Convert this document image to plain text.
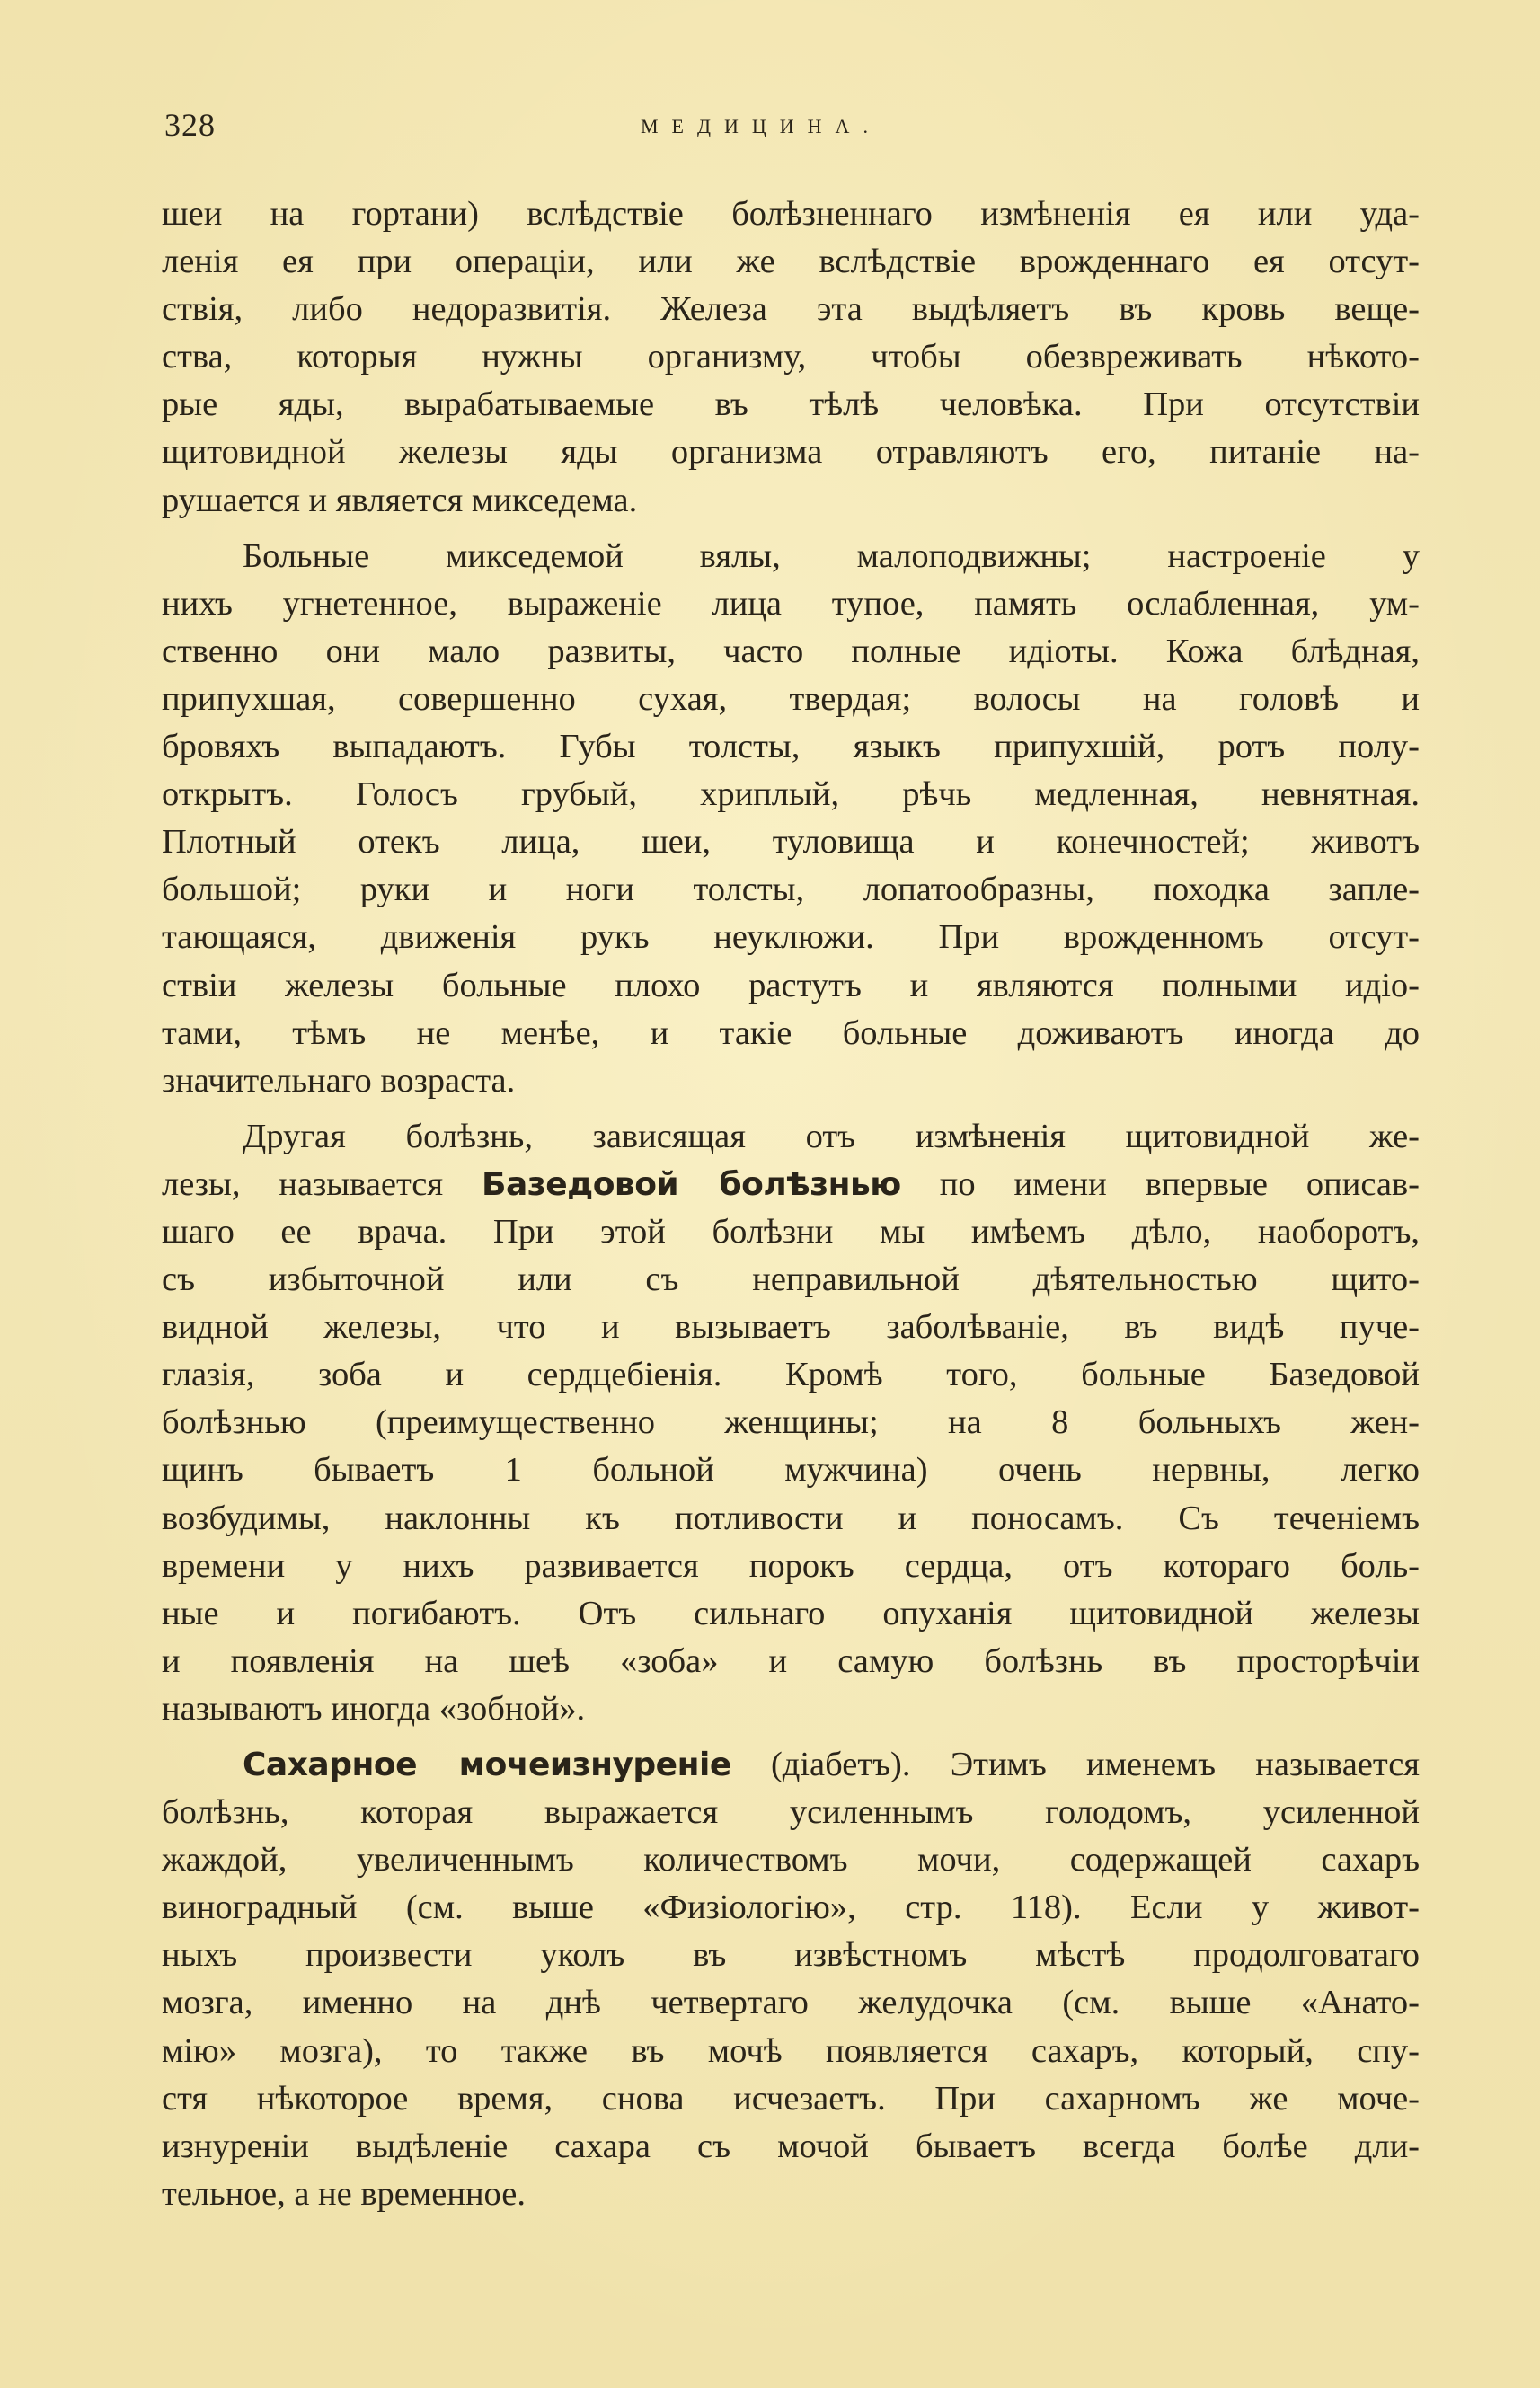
328	МЕДИЦИНА.
шеи на гортани) вслѣдствіе болѣзненнаго измѣненія ея или уда-
ленія ея при операціи, или же вслѣдствіе врожденнаго ея отсут-
ствія, либо недоразвитія. Железа эта выдѣляетъ въ кровь веще-
ства, которыя нужны организму, чтобы обезвреживать нѣкото-
рые яды, вырабатываемые въ тѣлѣ человѣка. При отсутствіи
щитовидной железы яды организма отравляютъ его, питаніе на-
рушается и является микседема.
Больные микседемой вялы, малоподвижны; настроеніе у
нихъ угнетенное, выраженіе лица тупое, память ослабленная, ум-
ственно они мало развиты, часто полные идіоты. Кожа блѣдная,
припухшая, совершенно сухая, твердая; волосы на головѣ и
бровяхъ выпадаютъ. Губы толсты, языкъ припухшій, ротъ полу-
открытъ. Голосъ грубый, хриплый, рѣчь медленная, невнятная.
Плотный отекъ лица, шеи, туловища и конечностей; животъ
большой; руки и ноги толсты, лопатообразны, походка запле-
тающаяся, движенія рукъ неуклюжи. При врожденномъ отсут-
ствіи железы больные плохо растутъ и являются полными идіо-
тами, тѣмъ не менѣе, и такіе больные доживаютъ иногда до
значительнаго возраста.
Другая болѣзнь, зависящая отъ измѣненія щитовидной же-
лезы, называется Базедовой болѣзнью по имени впервые описав-
шаго ее врача. При этой болѣзни мы имѣемъ дѣло, наоборотъ,
съ избыточной или съ неправильной дѣятельностью щито-
видной железы, что и вызываетъ заболѣваніе, въ видѣ пуче-
глазія, зоба и сердцебіенія. Кромѣ того, больные Базедовой
болѣзнью (преимущественно женщины; на 8 больныхъ жен-
щинъ бываетъ 1 больной мужчина) очень нервны, легко
возбудимы, наклонны къ потливости и поносамъ. Съ теченіемъ
времени у нихъ развивается порокъ сердца, отъ котораго боль-
ные и погибаютъ. Отъ сильнаго опуханія щитовидной железы
и появленія на шеѣ «зоба» и самую болѣзнь въ просторѣчіи
называютъ иногда «зобной».
Сахарное мочеизнуреніе (діабетъ). Этимъ именемъ называется
болѣзнь, которая выражается усиленнымъ голодомъ, усиленной
жаждой, увеличеннымъ количествомъ мочи, содержащей сахаръ
виноградный (см. выше «Физіологію», стр. 118). Если у живот-
ныхъ произвести уколъ въ извѣстномъ мѣстѣ продолговатаго
мозга, именно на днѣ четвертаго желудочка (см. выше «Анато-
мію» мозга), то также въ мочѣ появляется сахаръ, который, спу-
стя нѣкоторое время, снова исчезаетъ. При сахарномъ же моче-
изнуреніи выдѣленіе сахара съ мочой бываетъ всегда болѣе дли-
тельное, а не временное.
